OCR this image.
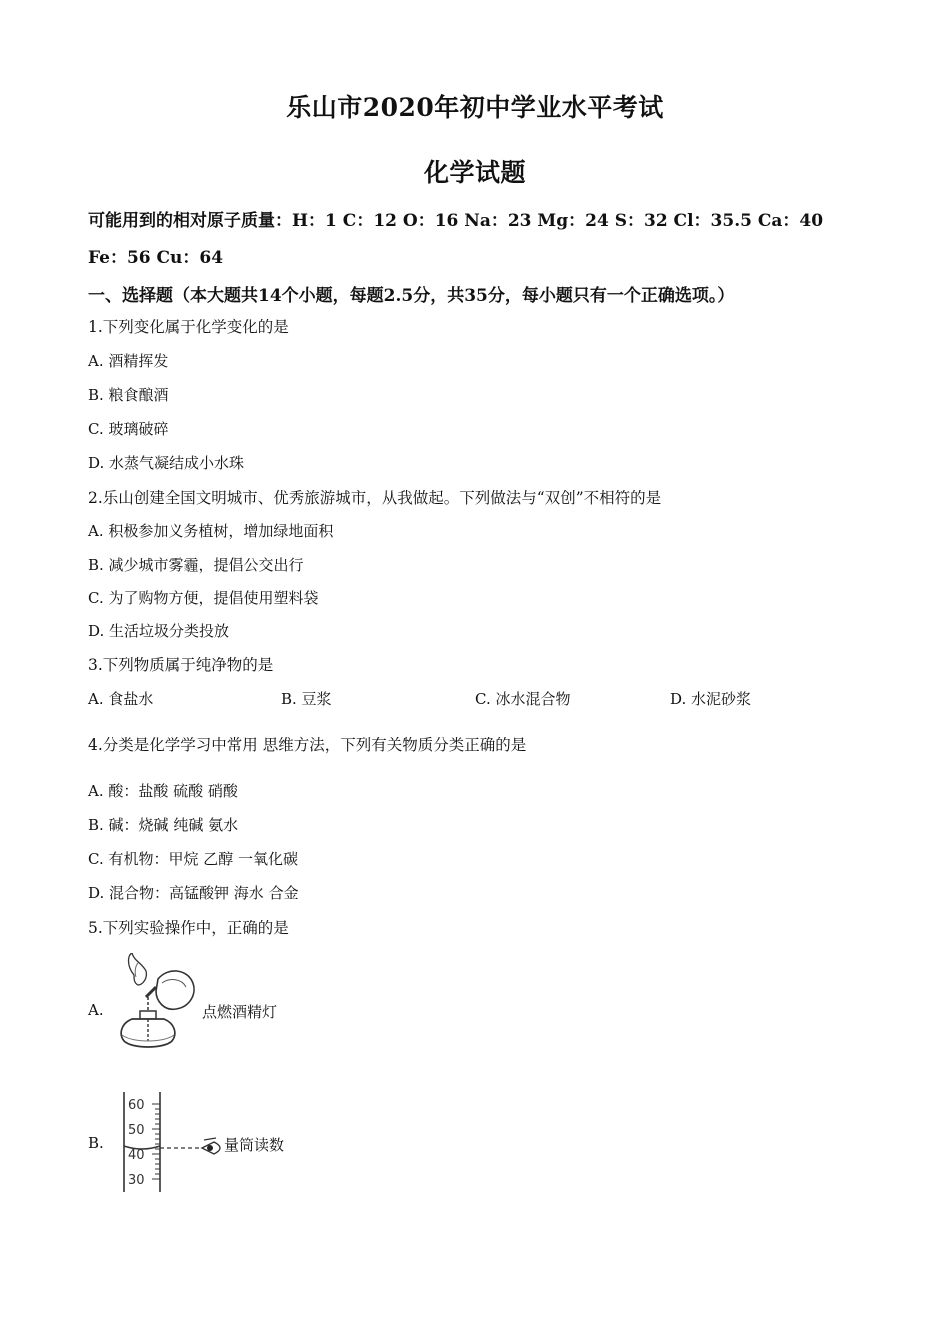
乐山市2020年初中学业水平考试
化学试题
可能用到的相对原子质量：H：1 C：12 O：16 Na：23 Mg：24 S：32 Cl：35.5 Ca：40
Fe：56 Cu：64
一、选择题（本大题共14个小题，每题2.5分，共35分，每小题只有一个正确选项。）
1.下列变化属于化学变化的是
A. 酒精挥发
B. 粮食酿酒
C. 玻璃破碎
D. 水蒸气凝结成小水珠
2.乐山创建全国文明城市、优秀旅游城市，从我做起。下列做法与“双创”不相符的是
A. 积极参加义务植树，增加绿地面积
B. 减少城市雾霾，提倡公交出行
C. 为了购物方便，提倡使用塑料袋
D. 生活垃圾分类投放
3.下列物质属于纯净物的是
A. 食盐水	B. 豆浆	C. 冰水混合物	D. 水泥砂浆
4.分类是化学学习中常用 思维方法，下列有关物质分类正确的是
A. 酸：盐酸 硫酸 硝酸
B. 碱：烧碱 纯碱 氨水
C. 有机物：甲烷 乙醇 一氧化碳
D. 混合物：高锰酸钾 海水 合金
5.下列实验操作中，正确的是
A.	点燃酒精灯
B.
60
50
40
30
量筒读数
